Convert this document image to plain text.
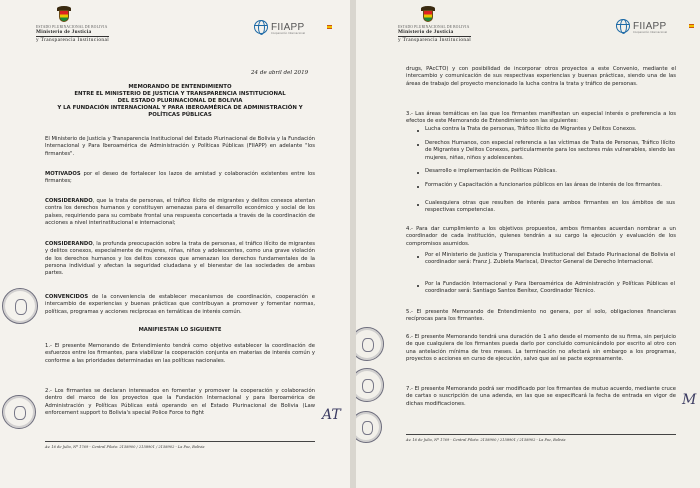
ESTADO PLURINACIONAL DE BOLIVIA
Ministerio de Justicia
y Transparencia Institucional
FIIAPP
Cooperación Internacional
24 de abril del 2019
MEMORANDO DE ENTENDIMIENTO
ENTRE EL MINISTERIO DE JUSTICIA Y TRANSPARENCIA INSTITUCIONAL
DEL ESTADO PLURINACIONAL DE BOLIVIA
Y LA FUNDACIÓN INTERNACIONAL Y PARA IBEROAMÉRICA DE ADMINISTRACIÓN Y
POLÍTICAS PÚBLICAS
El Ministerio de Justicia y Transparencia Institucional del Estado Plurinacional de Bolivia y la Fundación Internacional y Para Iberoamérica de Administración y Políticas Públicas (FIIAPP) en adelante "los firmantes".
MOTIVADOS por el deseo de fortalecer los lazos de amistad y colaboración existentes entre los firmantes;
CONSIDERANDO, que la trata de personas, el tráfico ilícito de migrantes y delitos conexos atentan contra los derechos humanos y constituyen amenazas para el desarrollo económico y social de los países, requiriendo para su combate frontal una respuesta concertada a través de la coordinación de acciones a nivel interinstitucional e internacional;
CONSIDERANDO, la profunda preocupación sobre la trata de personas, el tráfico ilícito de migrantes y delitos conexos, especialmente de mujeres, niñas, niños y adolescentes, como una grave violación de los derechos humanos y los delitos conexos que amenazan los derechos fundamentales de la persona individual y afectan la seguridad ciudadana y el bienestar de las sociedades de ambas partes.
CONVENCIDOS de la conveniencia de establecer mecanismos de coordinación, cooperación e intercambio de experiencias y buenas prácticas que contribuyan a promover y fomentar normas, políticas, programas y acciones recíprocas en temáticas de interés común.
MANIFIESTAN LO SIGUIENTE
1.- El presente Memorando de Entendimiento tendrá como objetivo establecer la coordinación de esfuerzos entre los firmantes, para viabilizar la cooperación conjunta en materias de interés común y conforme a las prioridades determinadas en las políticas nacionales.
2.- Los firmantes se declaran interesados en fomentar y promover la cooperación y colaboración dentro del marco de los proyectos que la Fundación Internacional y para Iberoamérica de Administración y Políticas Públicas está operando en el Estado Plurinacional de Bolivia (Law enforcement support to Bolivia's special Police Force to fight	AT
Av. 16 de Julio, Nº 1769 - Central Piloto: 2158900 / 2158901 / 2158902 - La Paz, Bolivia
ESTADO PLURINACIONAL DE BOLIVIA
Ministerio de Justicia
y Transparencia Institucional
FIIAPP
Cooperación Internacional
drugs, PAcCTO) y con posibilidad de incorporar otros proyectos a este Convenio, mediante el intercambio y comunicación de sus respectivas experiencias y buenas prácticas, siendo una de las áreas de trabajo del proyecto mencionado la lucha contra la trata y tráfico de personas.
3.- Las áreas temáticas en las que los firmantes manifiestan un especial interés o preferencia a los efectos de este Memorando de Entendimiento son las siguientes:
Lucha contra la Trata de personas, Tráfico Ilícito de Migrantes y Delitos Conexos.
Derechos Humanos, con especial referencia a las víctimas de Trata de Personas, Tráfico Ilícito de Migrantes y Delitos Conexos, particularmente para los sectores más vulnerables, siendo las mujeres, niñas, niños y adolescentes.
Desarrollo e implementación de Políticas Públicas.
Formación y Capacitación a funcionarios públicos en las áreas de interés de los firmantes.
Cualesquiera otras que resulten de interés para ambos firmantes en los ámbitos de sus respectivas competencias.
4.- Para dar cumplimiento a los objetivos propuestos, ambos firmantes acuerdan nombrar a un coordinador de cada institución, quienes tendrán a su cargo la ejecución y evaluación de los compromisos asumidos.
Por el Ministerio de Justicia y Transparencia Institucional del Estado Plurinacional de Bolivia el coordinador será: Franz J. Zubieta Mariscal, Director General de Derecho Internacional.
Por la Fundación Internacional y Para Iberoamérica de Administración y Políticas Públicas el coordinador será: Santiago Santos Benítez, Coordinador Técnico.
5.- El presente Memorando de Entendimiento no genera, por sí solo, obligaciones financieras recíprocas para los firmantes.
6.- El presente Memorando tendrá una duración de 1 año desde el momento de su firma, sin perjuicio de que cualquiera de los firmantes pueda darlo por concluido comunicándolo por escrito al otro con una antelación mínima de tres meses. La terminación no afectará sin embargo a los programas, proyectos o acciones en curso de ejecución, salvo que así se pacte expresamente.
7.- El presente Memorando podrá ser modificado por los firmantes de mutuo acuerdo, mediante cruce de cartas o suscripción de una adenda, en las que se especificará la fecha de entrada en vigor de dichas modificaciones.	M
Av. 16 de Julio, Nº 1769 - Central Piloto: 2158900 / 2158901 / 2158902 - La Paz, Bolivia
